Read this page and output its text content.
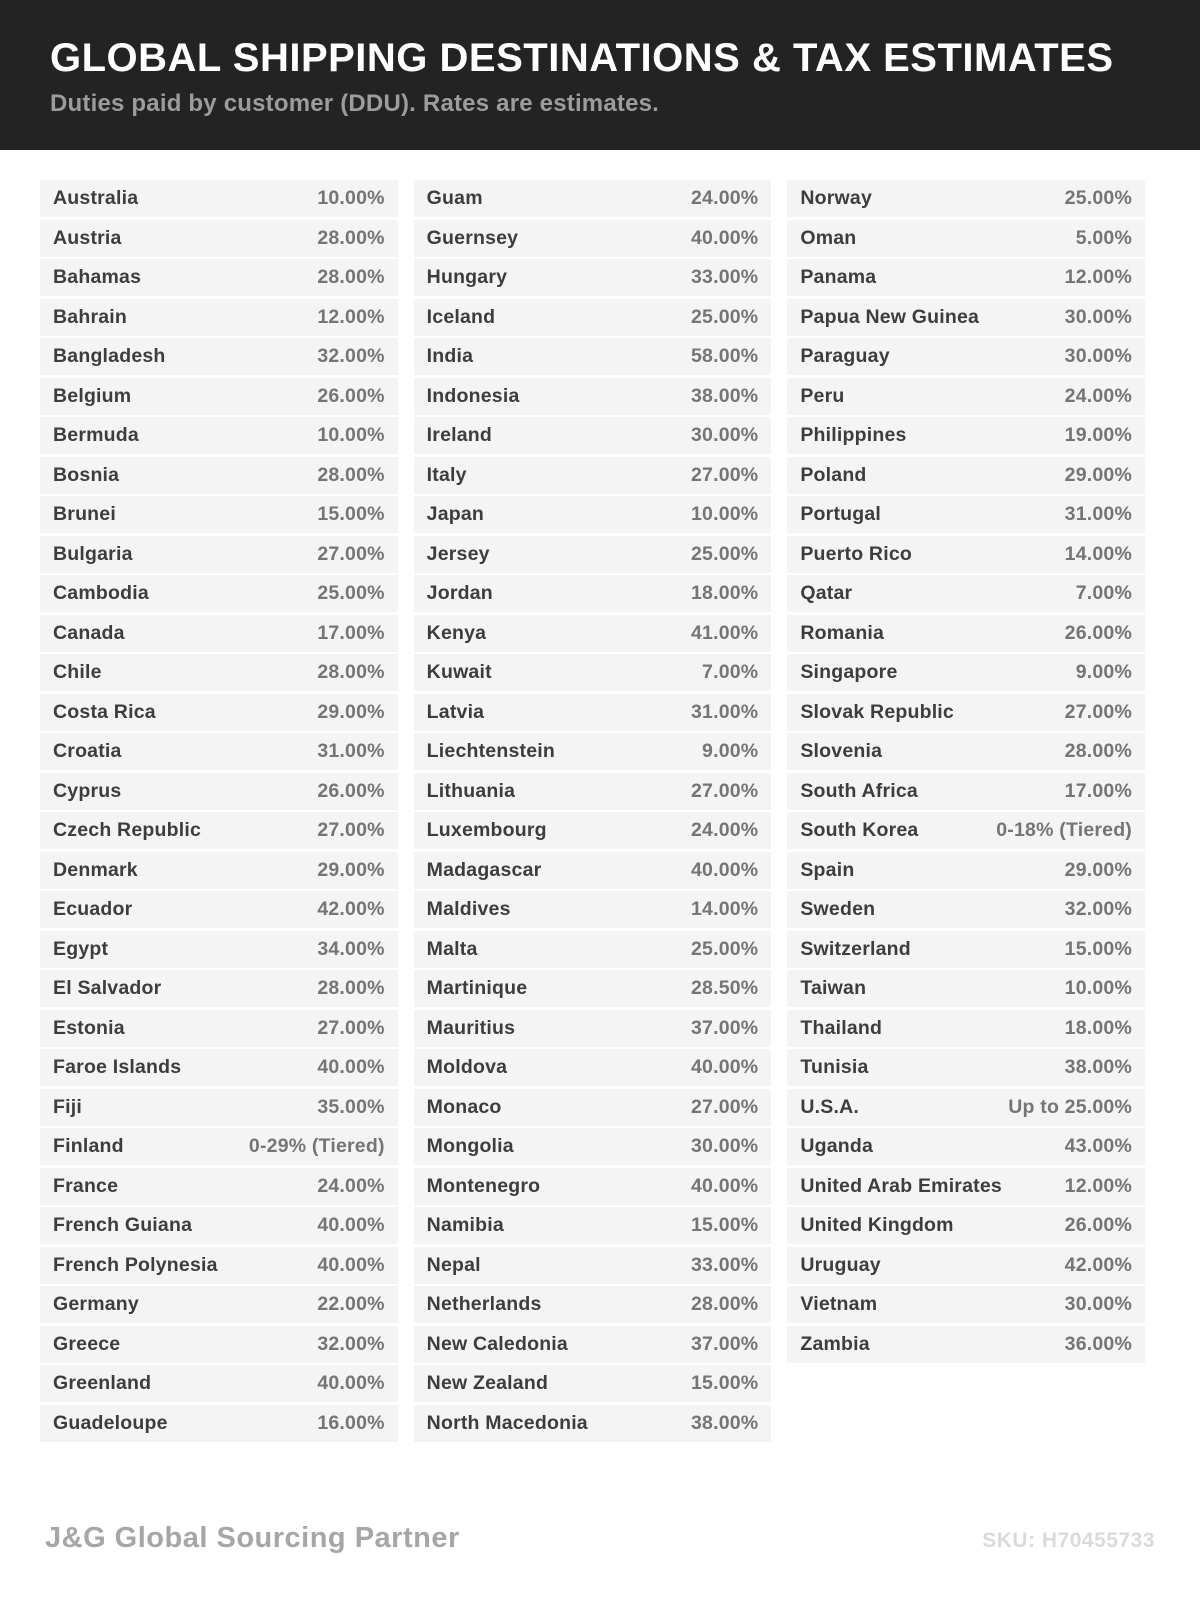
GLOBAL SHIPPING DESTINATIONS & TAX ESTIMATES
Duties paid by customer (DDU). Rates are estimates.
Australia	10.00%
Austria	28.00%
Bahamas	28.00%
Bahrain	12.00%
Bangladesh	32.00%
Belgium	26.00%
Bermuda	10.00%
Bosnia	28.00%
Brunei	15.00%
Bulgaria	27.00%
Cambodia	25.00%
Canada	17.00%
Chile	28.00%
Costa Rica	29.00%
Croatia	31.00%
Cyprus	26.00%
Czech Republic	27.00%
Denmark	29.00%
Ecuador	42.00%
Egypt	34.00%
El Salvador	28.00%
Estonia	27.00%
Faroe Islands	40.00%
Fiji	35.00%
Finland	0-29% (Tiered)
France	24.00%
French Guiana	40.00%
French Polynesia	40.00%
Germany	22.00%
Greece	32.00%
Greenland	40.00%
Guadeloupe	16.00%
Guam	24.00%
Guernsey	40.00%
Hungary	33.00%
Iceland	25.00%
India	58.00%
Indonesia	38.00%
Ireland	30.00%
Italy	27.00%
Japan	10.00%
Jersey	25.00%
Jordan	18.00%
Kenya	41.00%
Kuwait	7.00%
Latvia	31.00%
Liechtenstein	9.00%
Lithuania	27.00%
Luxembourg	24.00%
Madagascar	40.00%
Maldives	14.00%
Malta	25.00%
Martinique	28.50%
Mauritius	37.00%
Moldova	40.00%
Monaco	27.00%
Mongolia	30.00%
Montenegro	40.00%
Namibia	15.00%
Nepal	33.00%
Netherlands	28.00%
New Caledonia	37.00%
New Zealand	15.00%
North Macedonia	38.00%
Norway	25.00%
Oman	5.00%
Panama	12.00%
Papua New Guinea	30.00%
Paraguay	30.00%
Peru	24.00%
Philippines	19.00%
Poland	29.00%
Portugal	31.00%
Puerto Rico	14.00%
Qatar	7.00%
Romania	26.00%
Singapore	9.00%
Slovak Republic	27.00%
Slovenia	28.00%
South Africa	17.00%
South Korea	0-18% (Tiered)
Spain	29.00%
Sweden	32.00%
Switzerland	15.00%
Taiwan	10.00%
Thailand	18.00%
Tunisia	38.00%
U.S.A.	Up to 25.00%
Uganda	43.00%
United Arab Emirates	12.00%
United Kingdom	26.00%
Uruguay	42.00%
Vietnam	30.00%
Zambia	36.00%
J&G Global Sourcing Partner	SKU: H70455733
